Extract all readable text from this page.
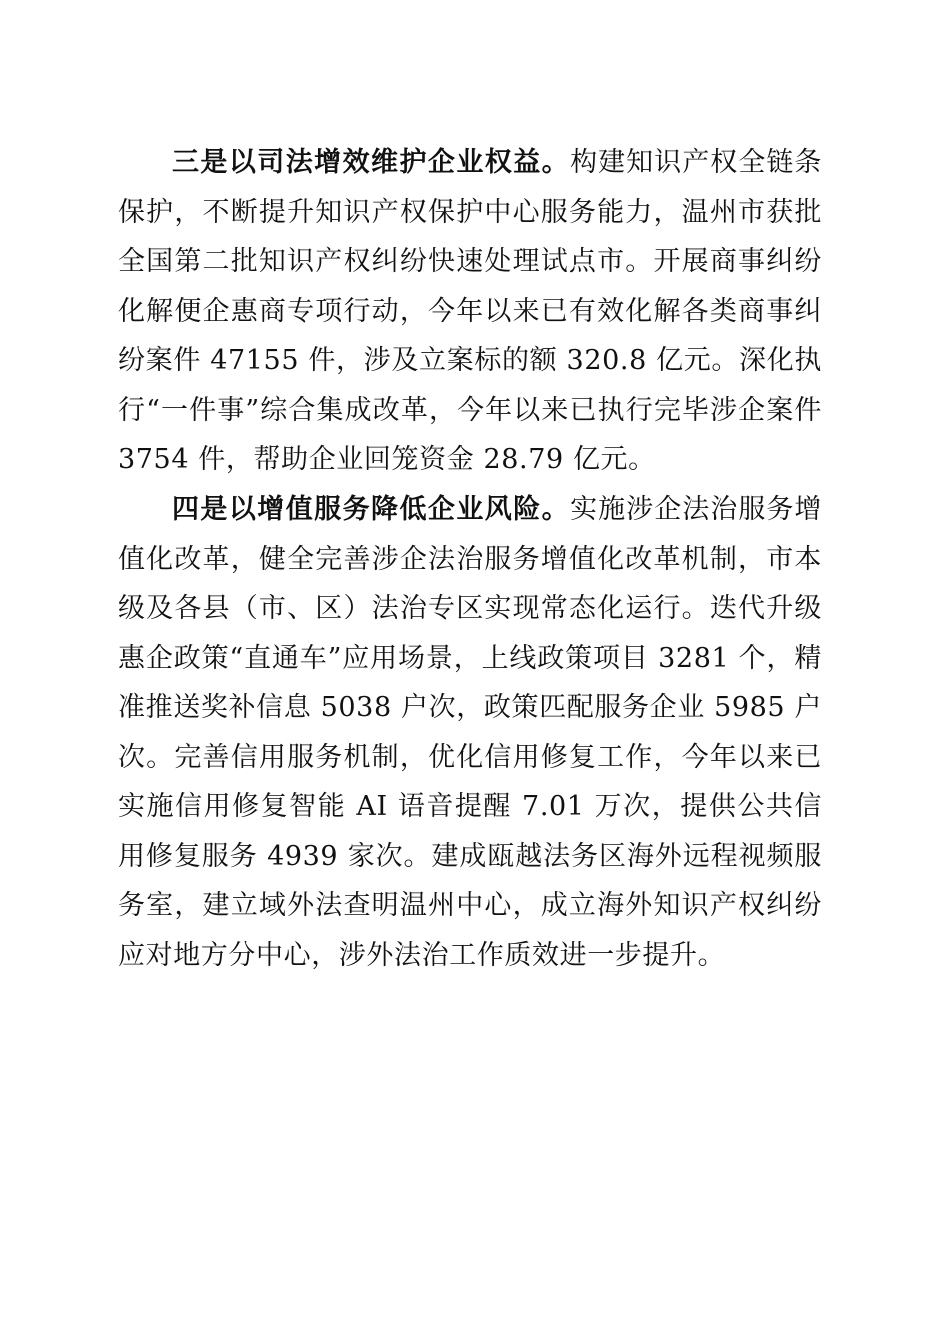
三是以司法增效维护企业权益。构建知识产权全链条保护，不断提升知识产权保护中心服务能力，温州市获批全国第二批知识产权纠纷快速处理试点市。开展商事纠纷化解便企惠商专项行动，今年以来已有效化解各类商事纠纷案件 47155 件，涉及立案标的额 320.8 亿元。深化执行“一件事”综合集成改革，今年以来已执行完毕涉企案件 3754 件，帮助企业回笼资金 28.79 亿元。

四是以增值服务降低企业风险。实施涉企法治服务增值化改革，健全完善涉企法治服务增值化改革机制，市本级及各县（市、区）法治专区实现常态化运行。迭代升级惠企政策“直通车”应用场景，上线政策项目 3281 个，精准推送奖补信息 5038 户次，政策匹配服务企业 5985 户次。完善信用服务机制，优化信用修复工作，今年以来已实施信用修复智能 AI 语音提醒 7.01 万次，提供公共信用修复服务 4939 家次。建成瓯越法务区海外远程视频服务室，建立域外法查明温州中心，成立海外知识产权纠纷应对地方分中心，涉外法治工作质效进一步提升。
